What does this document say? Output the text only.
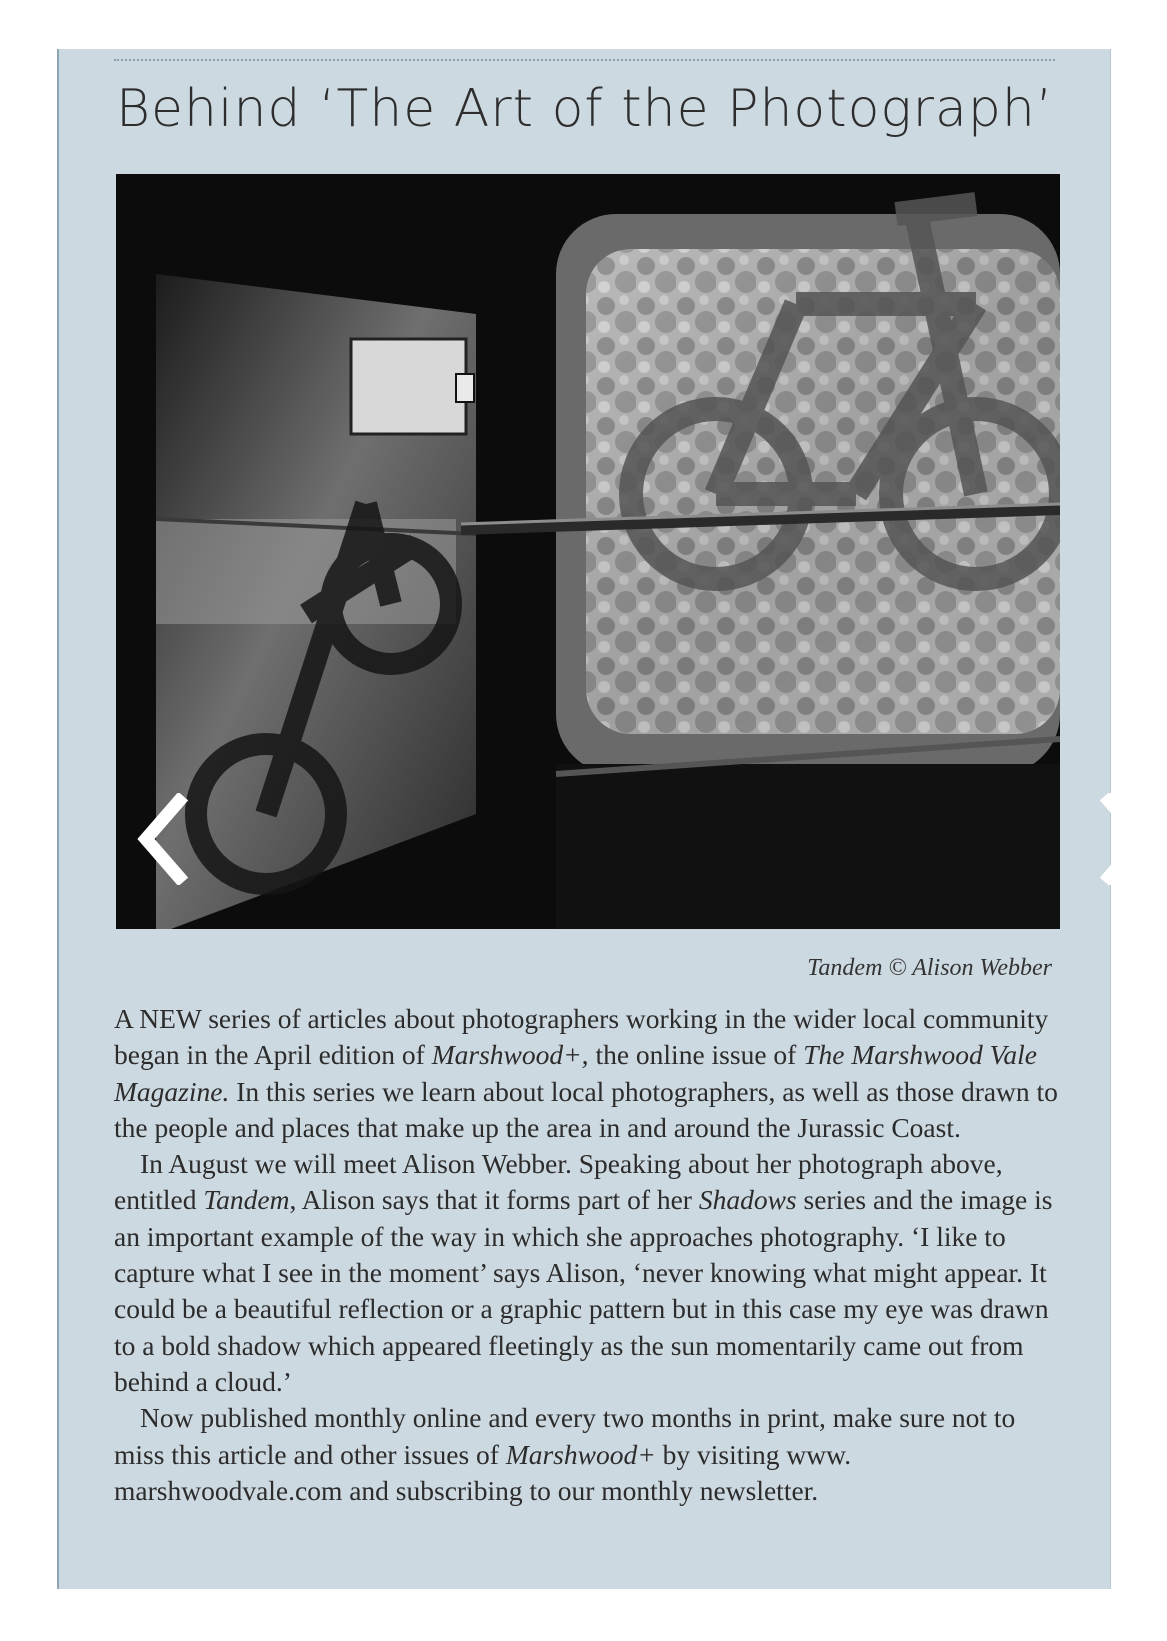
Behind ‘The Art of the Photograph’
Tandem © Alison Webber

A NEW series of articles about photographers working in the wider local community began in the April edition of Marshwood+, the online issue of The Marshwood Vale Magazine. In this series we learn about local photographers, as well as those drawn to the people and places that make up the area in and around the Jurassic Coast.

In August we will meet Alison Webber. Speaking about her photograph above, entitled Tandem, Alison says that it forms part of her Shadows series and the image is an important example of the way in which she approaches photography. ‘I like to capture what I see in the moment’ says Alison, ‘never knowing what might appear. It could be a beautiful reflection or a graphic pattern but in this case my eye was drawn to a bold shadow which appeared fleetingly as the sun momentarily came out from behind a cloud.’

Now published monthly online and every two months in print, make sure not to miss this article and other issues of Marshwood+ by visiting www. marshwoodvale.com and subscribing to our monthly newsletter.
